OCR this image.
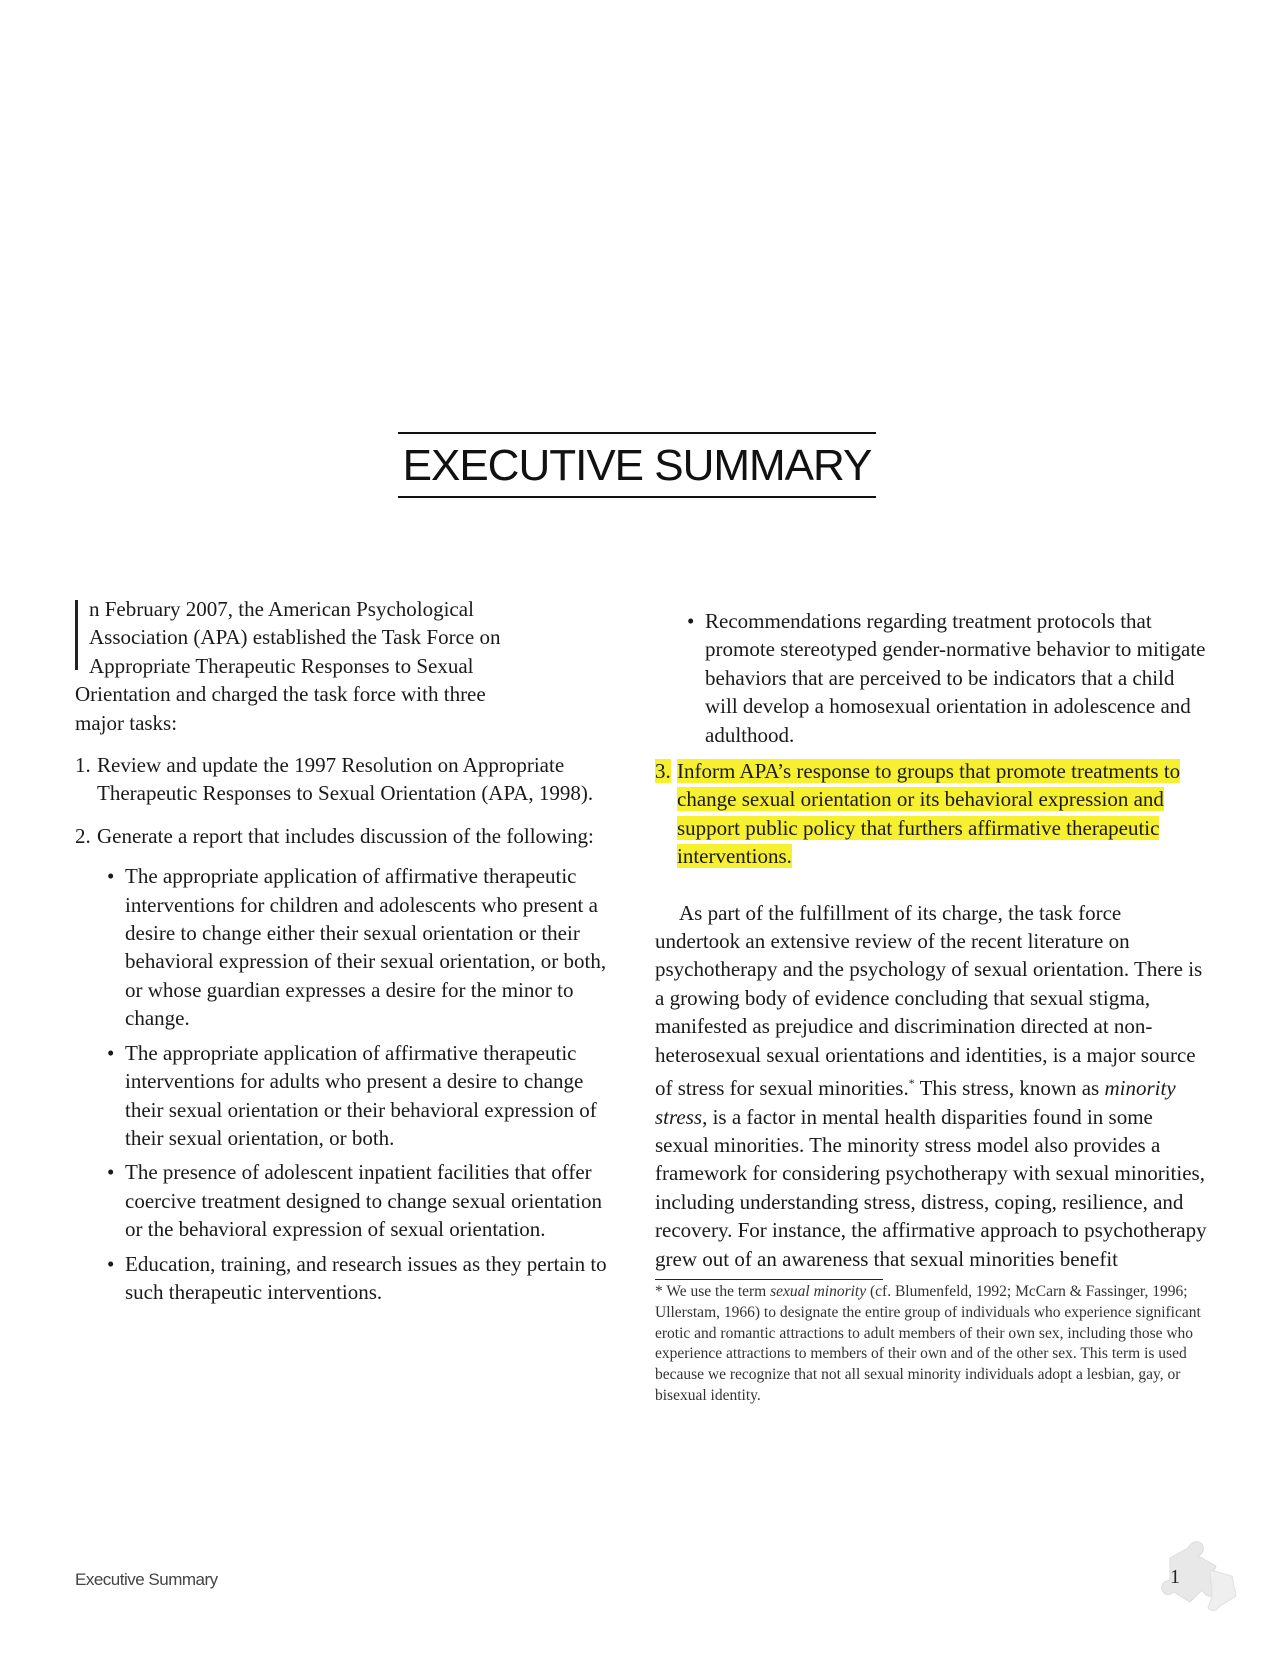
EXECUTIVE SUMMARY

n February 2007, the American Psychological

Association (APA) established the Task Force on

Appropriate Therapeutic Responses to Sexual

Orientation and charged the task force with three

major tasks:

1. Review and update the 1997 Resolution on Appropriate Therapeutic Responses to Sexual Orientation (APA, 1998).
2. Generate a report that includes discussion of the following:
• The appropriate application of affirmative therapeutic interventions for children and adolescents who present a desire to change either their sexual orientation or their behavioral expression of their sexual orientation, or both, or whose guardian expresses a desire for the minor to change.
• The appropriate application of affirmative therapeutic interventions for adults who present a desire to change their sexual orientation or their behavioral expression of their sexual orientation, or both.
• The presence of adolescent inpatient facilities that offer coercive treatment designed to change sexual orientation or the behavioral expression of sexual orientation.
• Education, training, and research issues as they pertain to such therapeutic interventions.
• Recommendations regarding treatment protocols that promote stereotyped gender-normative behavior to mitigate behaviors that are perceived to be indicators that a child will develop a homosexual orientation in adolescence and adulthood.
3. Inform APA’s response to groups that promote treatments to change sexual orientation or its behavioral expression and support public policy that furthers affirmative therapeutic interventions.

As part of the fulfillment of its charge, the task force undertook an extensive review of the recent literature on psychotherapy and the psychology of sexual orientation. There is a growing body of evidence concluding that sexual stigma, manifested as prejudice and discrimination directed at non-heterosexual sexual orientations and identities, is a major source of stress for sexual minorities.* This stress, known as minority stress, is a factor in mental health disparities found in some sexual minorities. The minority stress model also provides a framework for considering psychotherapy with sexual minorities, including understanding stress, distress, coping, resilience, and recovery. For instance, the affirmative approach to psychotherapy grew out of an awareness that sexual minorities benefit

* We use the term sexual minority (cf. Blumenfeld, 1992; McCarn & Fassinger, 1996; Ullerstam, 1966) to designate the entire group of individuals who experience significant erotic and romantic attractions to adult members of their own sex, including those who experience attractions to members of their own and of the other sex. This term is used because we recognize that not all sexual minority individuals adopt a lesbian, gay, or bisexual identity.

Executive Summary	1
